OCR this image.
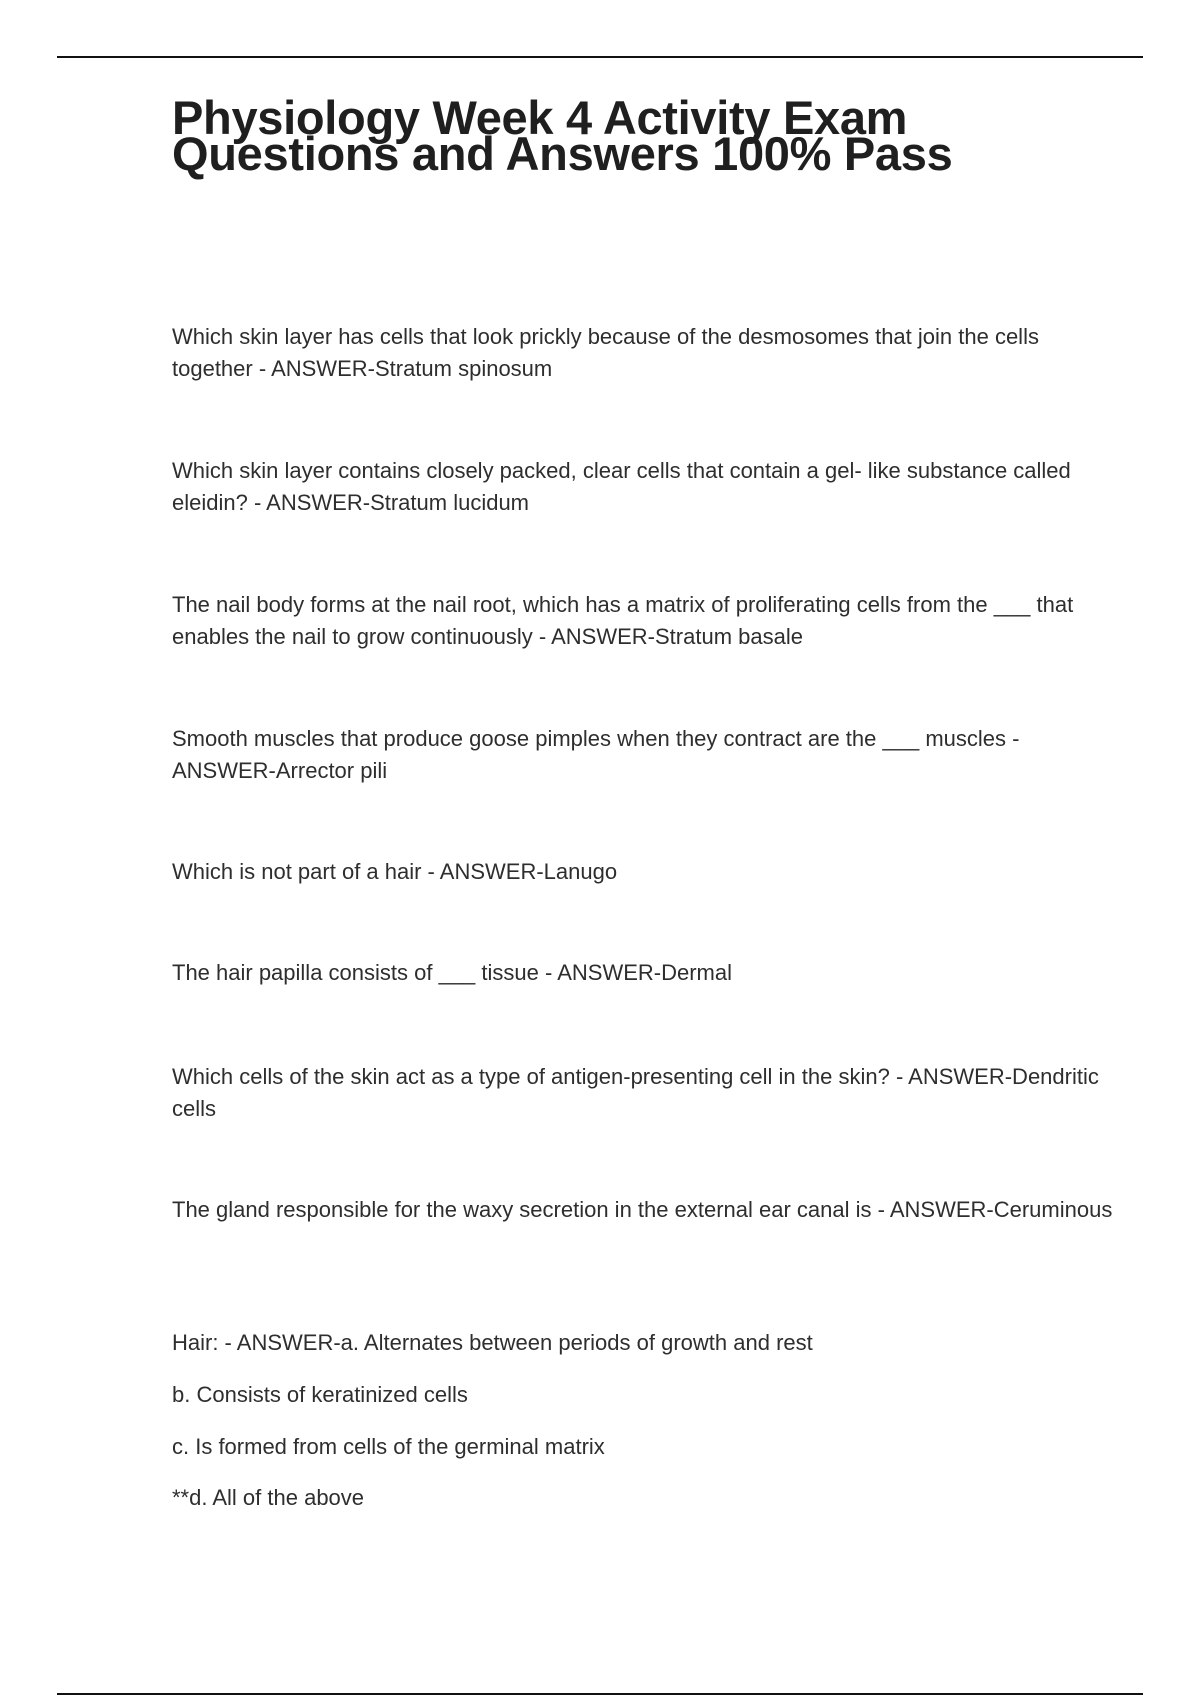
Physiology Week 4 Activity Exam Questions and Answers 100% Pass

Which skin layer has cells that look prickly because of the desmosomes that join the cells together - ANSWER-Stratum spinosum

Which skin layer contains closely packed, clear cells that contain a gel- like substance called eleidin? - ANSWER-Stratum lucidum

The nail body forms at the nail root, which has a matrix of proliferating cells from the ___ that enables the nail to grow continuously - ANSWER-Stratum basale

Smooth muscles that produce goose pimples when they contract are the ___ muscles - ANSWER-Arrector pili

Which is not part of a hair - ANSWER-Lanugo

The hair papilla consists of ___ tissue - ANSWER-Dermal

Which cells of the skin act as a type of antigen-presenting cell in the skin? - ANSWER-Dendritic cells

The gland responsible for the waxy secretion in the external ear canal is - ANSWER-Ceruminous

Hair: - ANSWER-a. Alternates between periods of growth and rest

b. Consists of keratinized cells

c. Is formed from cells of the germinal matrix

**d. All of the above
